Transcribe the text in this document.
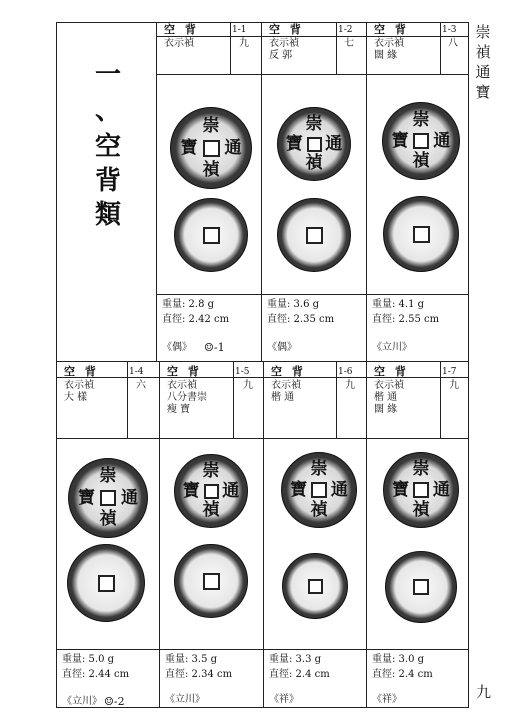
一
、
空
背
類
崇
禎
通
寶
九
空 背	1-1
衣示禎	九
崇
禎
通
寶
重量: 2.8 g
直徑: 2.42 cm
《偶》 ☺-1
空 背	1-2
衣示禎	七
反 郭
崇
禎
通
寶
重量: 3.6 g
直徑: 2.35 cm
《偶》
空 背	1-3
衣示禎	八
闊 緣
崇
禎
通
寶
重量: 4.1 g
直徑: 2.55 cm
《立川》
空 背	1-4
衣示禎	六
大 樣
崇
禎
通
寶
重量: 5.0 g
直徑: 2.44 cm
《立川》 ☺-2
空 背	1-5
衣示禎	九
八分書崇
瘦 寶
崇
禎
通
寶
重量: 3.5 g
直徑: 2.34 cm
《立川》
空 背	1-6
衣示禎	九
楷 通
崇
禎
通
寶
重量: 3.3 g
直徑: 2.4 cm
《祥》
空 背	1-7
衣示禎	九
楷 通
闊 緣
崇
禎
通
寶
重量: 3.0 g
直徑: 2.4 cm
《祥》
